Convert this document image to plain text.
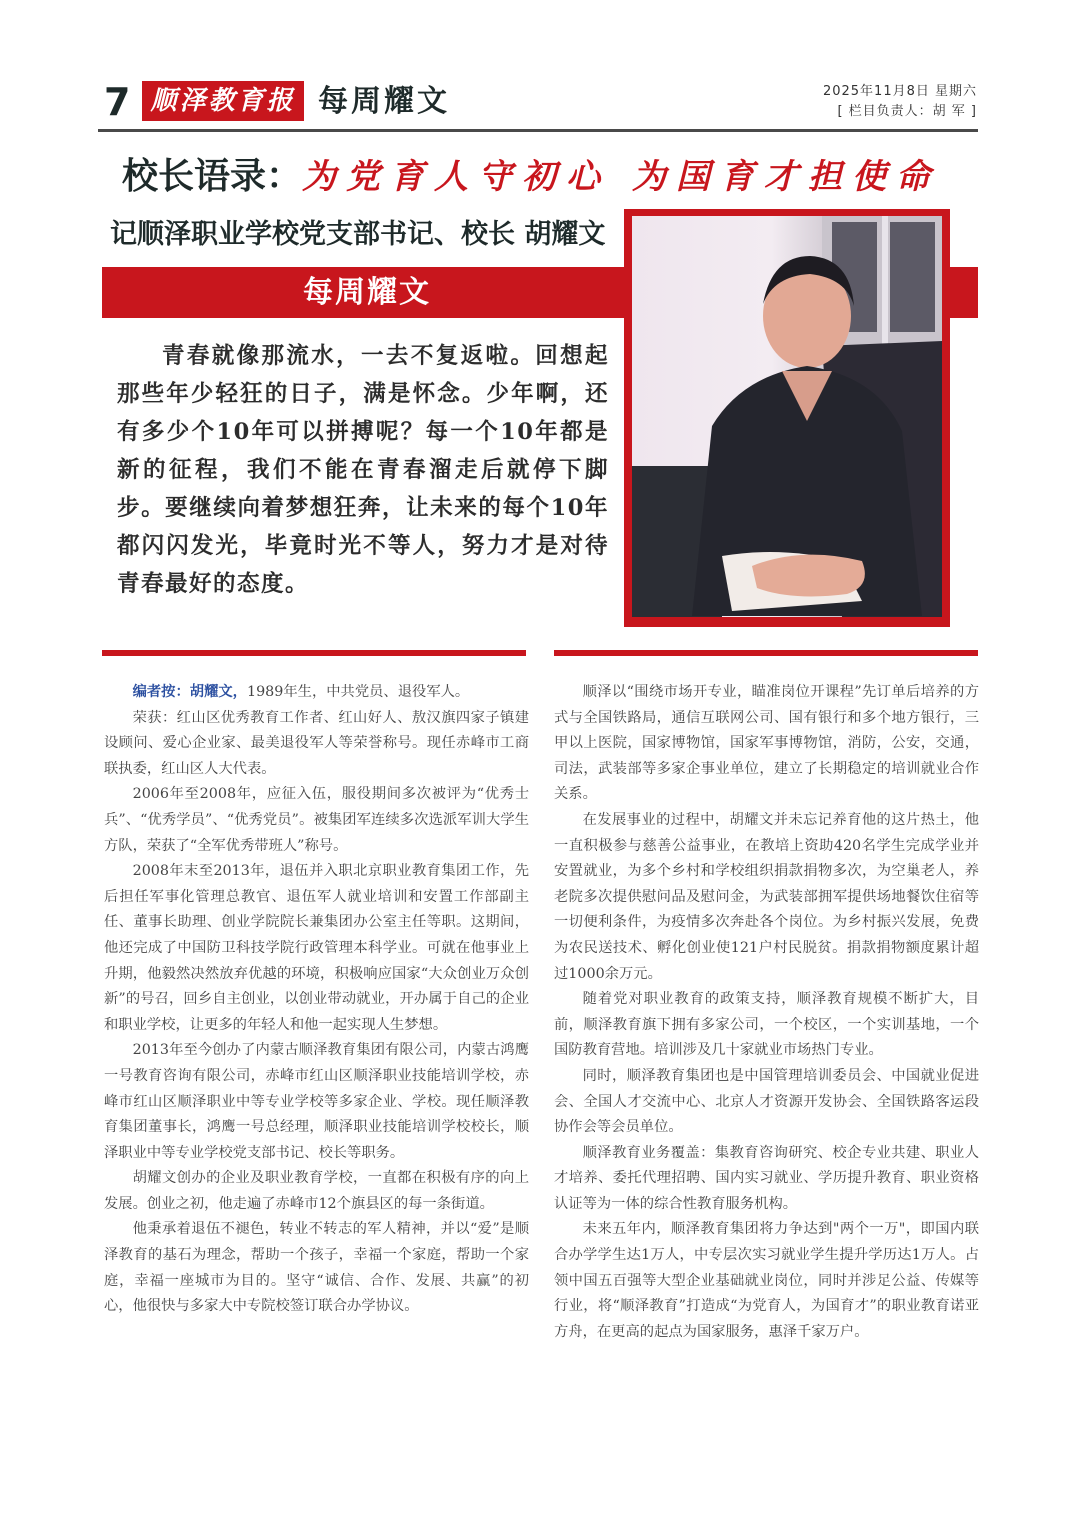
7 顺泽教育报 每周耀文	2025年11月8日 星期六
[ 栏目负责人：胡 军 ]
校长语录：为党育人守初心 为国育才担使命
记顺泽职业学校党支部书记、校长 胡耀文
每周耀文

青春就像那流水，一去不复返啦。回想起那些年少轻狂的日子，满是怀念。少年啊，还有多少个10年可以拼搏呢？每一个10年都是新的征程，我们不能在青春溜走后就停下脚步。要继续向着梦想狂奔，让未来的每个10年都闪闪发光，毕竟时光不等人，努力才是对待青春最好的态度。

编者按：胡耀文，1989年生，中共党员、退役军人。

荣获：红山区优秀教育工作者、红山好人、敖汉旗四家子镇建设顾问、爱心企业家、最美退役军人等荣誉称号。现任赤峰市工商联执委，红山区人大代表。

2006年至2008年，应征入伍，服役期间多次被评为“优秀士兵”、“优秀学员”、“优秀党员”。被集团军连续多次选派军训大学生方队，荣获了“全军优秀带班人”称号。

2008年末至2013年，退伍并入职北京职业教育集团工作，先后担任军事化管理总教官、退伍军人就业培训和安置工作部副主任、董事长助理、创业学院院长兼集团办公室主任等职。这期间，他还完成了中国防卫科技学院行政管理本科学业。可就在他事业上升期，他毅然决然放弃优越的环境，积极响应国家“大众创业万众创新”的号召，回乡自主创业，以创业带动就业，开办属于自己的企业和职业学校，让更多的年轻人和他一起实现人生梦想。

2013年至今创办了内蒙古顺泽教育集团有限公司，内蒙古鸿鹰一号教育咨询有限公司，赤峰市红山区顺泽职业技能培训学校，赤峰市红山区顺泽职业中等专业学校等多家企业、学校。现任顺泽教育集团董事长，鸿鹰一号总经理，顺泽职业技能培训学校校长，顺泽职业中等专业学校党支部书记、校长等职务。

胡耀文创办的企业及职业教育学校，一直都在积极有序的向上发展。创业之初，他走遍了赤峰市12个旗县区的每一条街道。

他秉承着退伍不褪色，转业不转志的军人精神，并以“爱”是顺泽教育的基石为理念，帮助一个孩子，幸福一个家庭，帮助一个家庭，幸福一座城市为目的。坚守“诚信、合作、发展、共赢”的初心，他很快与多家大中专院校签订联合办学协议。

顺泽以“围绕市场开专业，瞄准岗位开课程”先订单后培养的方式与全国铁路局，通信互联网公司、国有银行和多个地方银行，三甲以上医院，国家博物馆，国家军事博物馆，消防，公安，交通，司法，武装部等多家企事业单位，建立了长期稳定的培训就业合作关系。

在发展事业的过程中，胡耀文并未忘记养育他的这片热土，他一直积极参与慈善公益事业，在教培上资助420名学生完成学业并安置就业，为多个乡村和学校组织捐款捐物多次，为空巢老人，养老院多次提供慰问品及慰问金，为武装部拥军提供场地餐饮住宿等一切便利条件，为疫情多次奔赴各个岗位。为乡村振兴发展，免费为农民送技术、孵化创业使121户村民脱贫。捐款捐物额度累计超过1000余万元。

随着党对职业教育的政策支持，顺泽教育规模不断扩大，目前，顺泽教育旗下拥有多家公司，一个校区，一个实训基地，一个国防教育营地。培训涉及几十家就业市场热门专业。

同时，顺泽教育集团也是中国管理培训委员会、中国就业促进会、全国人才交流中心、北京人才资源开发协会、全国铁路客运段协作会等会员单位。

顺泽教育业务覆盖：集教育咨询研究、校企专业共建、职业人才培养、委托代理招聘、国内实习就业、学历提升教育、职业资格认证等为一体的综合性教育服务机构。

未来五年内，顺泽教育集团将力争达到"两个一万"，即国内联合办学学生达1万人，中专层次实习就业学生提升学历达1万人。占领中国五百强等大型企业基础就业岗位，同时并涉足公益、传媒等行业，将“顺泽教育”打造成“为党育人，为国育才”的职业教育诺亚方舟，在更高的起点为国家服务，惠泽千家万户。
